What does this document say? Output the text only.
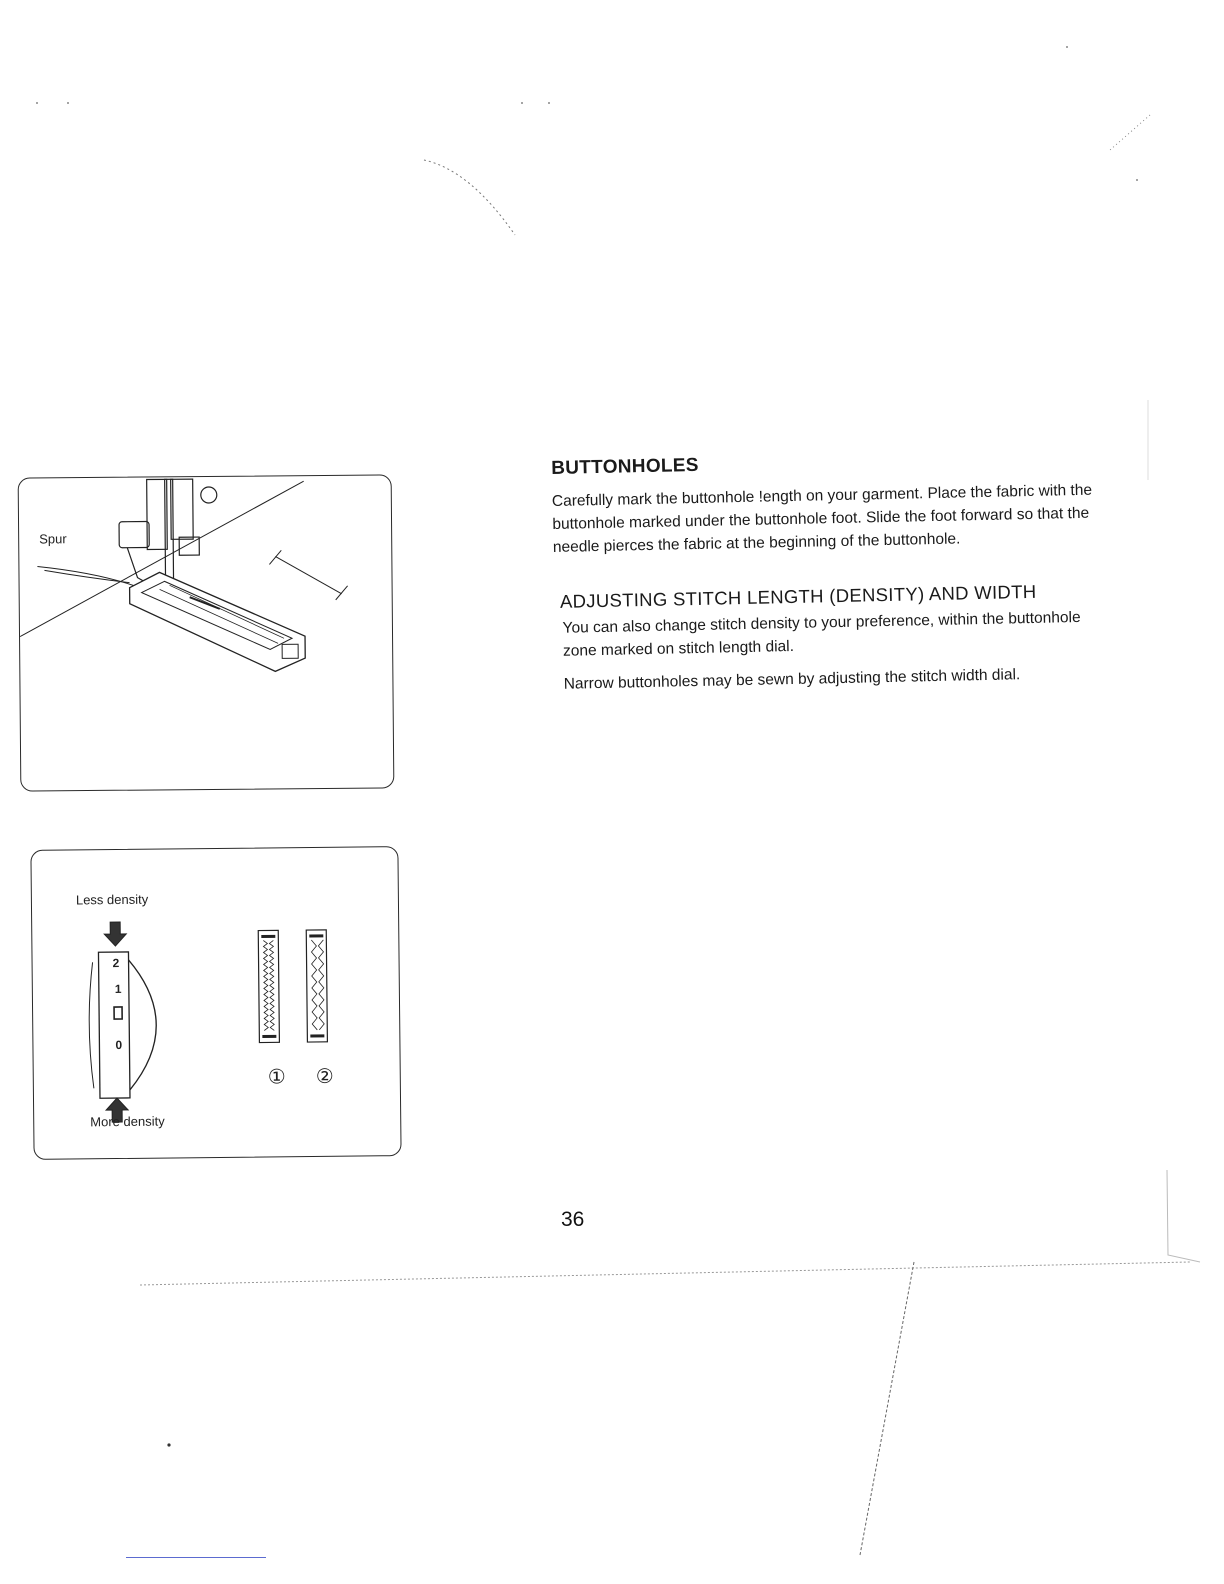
Spur
Less density
2
1
0
① ②
More density
BUTTONHOLES

Carefully mark the buttonhole !ength on your garment. Place the fabric with the buttonhole marked under the buttonhole foot. Slide the foot forward so that the needle pierces the fabric at the beginning of the buttonhole.

ADJUSTING STITCH LENGTH (DENSITY) AND WIDTH

You can also change stitch density to your preference, within the buttonhole zone marked on stitch length dial.

Narrow buttonholes may be sewn by adjusting the stitch width dial.

36
